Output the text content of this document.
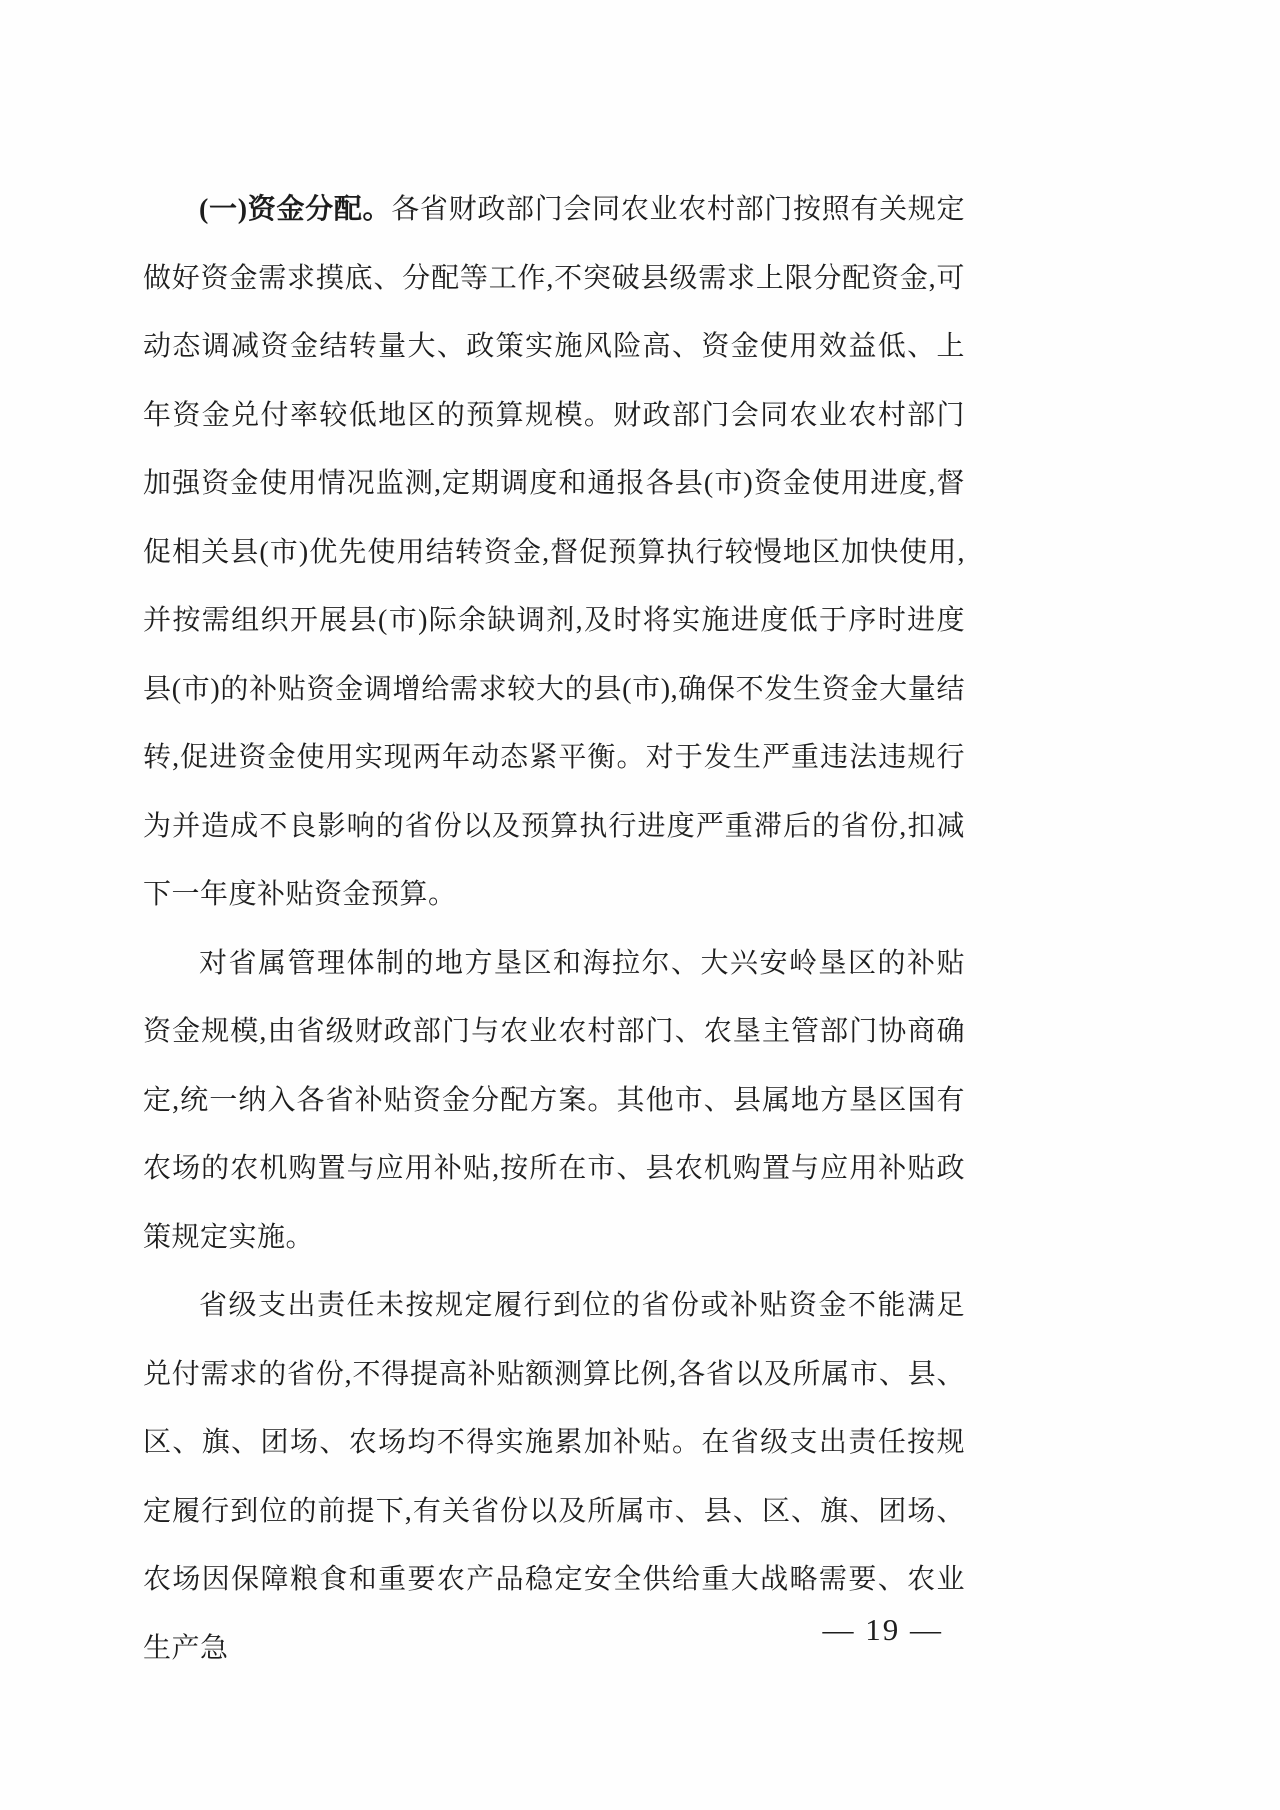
(一)资金分配。各省财政部门会同农业农村部门按照有关规定做好资金需求摸底、分配等工作,不突破县级需求上限分配资金,可动态调减资金结转量大、政策实施风险高、资金使用效益低、上年资金兑付率较低地区的预算规模。财政部门会同农业农村部门加强资金使用情况监测,定期调度和通报各县(市)资金使用进度,督促相关县(市)优先使用结转资金,督促预算执行较慢地区加快使用,并按需组织开展县(市)际余缺调剂,及时将实施进度低于序时进度县(市)的补贴资金调增给需求较大的县(市),确保不发生资金大量结转,促进资金使用实现两年动态紧平衡。对于发生严重违法违规行为并造成不良影响的省份以及预算执行进度严重滞后的省份,扣减下一年度补贴资金预算。

对省属管理体制的地方垦区和海拉尔、大兴安岭垦区的补贴资金规模,由省级财政部门与农业农村部门、农垦主管部门协商确定,统一纳入各省补贴资金分配方案。其他市、县属地方垦区国有农场的农机购置与应用补贴,按所在市、县农机购置与应用补贴政策规定实施。

省级支出责任未按规定履行到位的省份或补贴资金不能满足兑付需求的省份,不得提高补贴额测算比例,各省以及所属市、县、区、旗、团场、农场均不得实施累加补贴。在省级支出责任按规定履行到位的前提下,有关省份以及所属市、县、区、旗、团场、农场因保障粮食和重要农产品稳定安全供给重大战略需要、农业生产急

— 19 —
